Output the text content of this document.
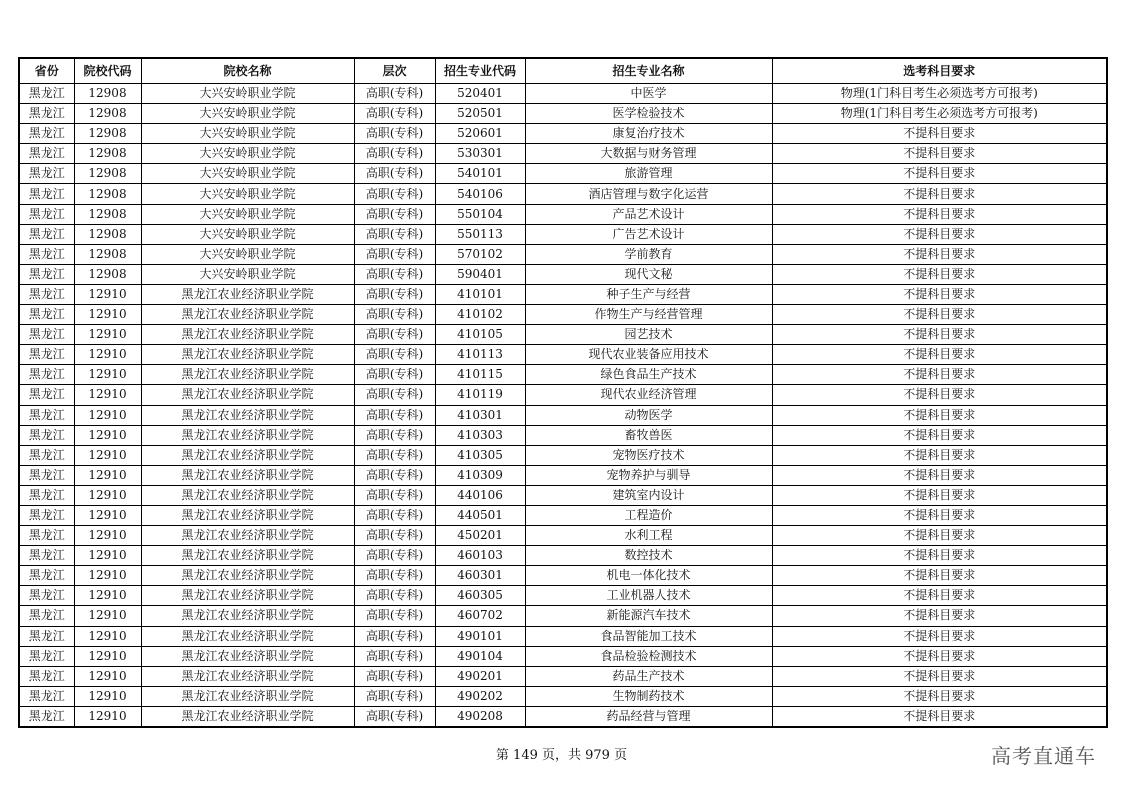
省份	院校代码	院校名称	层次	招生专业代码	招生专业名称	选考科目要求
黑龙江	12908	大兴安岭职业学院	高职(专科)	520401	中医学	物理(1门科目考生必须选考方可报考)
黑龙江	12908	大兴安岭职业学院	高职(专科)	520501	医学检验技术	物理(1门科目考生必须选考方可报考)
黑龙江	12908	大兴安岭职业学院	高职(专科)	520601	康复治疗技术	不提科目要求
黑龙江	12908	大兴安岭职业学院	高职(专科)	530301	大数据与财务管理	不提科目要求
黑龙江	12908	大兴安岭职业学院	高职(专科)	540101	旅游管理	不提科目要求
黑龙江	12908	大兴安岭职业学院	高职(专科)	540106	酒店管理与数字化运营	不提科目要求
黑龙江	12908	大兴安岭职业学院	高职(专科)	550104	产品艺术设计	不提科目要求
黑龙江	12908	大兴安岭职业学院	高职(专科)	550113	广告艺术设计	不提科目要求
黑龙江	12908	大兴安岭职业学院	高职(专科)	570102	学前教育	不提科目要求
黑龙江	12908	大兴安岭职业学院	高职(专科)	590401	现代文秘	不提科目要求
黑龙江	12910	黑龙江农业经济职业学院	高职(专科)	410101	种子生产与经营	不提科目要求
黑龙江	12910	黑龙江农业经济职业学院	高职(专科)	410102	作物生产与经营管理	不提科目要求
黑龙江	12910	黑龙江农业经济职业学院	高职(专科)	410105	园艺技术	不提科目要求
黑龙江	12910	黑龙江农业经济职业学院	高职(专科)	410113	现代农业装备应用技术	不提科目要求
黑龙江	12910	黑龙江农业经济职业学院	高职(专科)	410115	绿色食品生产技术	不提科目要求
黑龙江	12910	黑龙江农业经济职业学院	高职(专科)	410119	现代农业经济管理	不提科目要求
黑龙江	12910	黑龙江农业经济职业学院	高职(专科)	410301	动物医学	不提科目要求
黑龙江	12910	黑龙江农业经济职业学院	高职(专科)	410303	畜牧兽医	不提科目要求
黑龙江	12910	黑龙江农业经济职业学院	高职(专科)	410305	宠物医疗技术	不提科目要求
黑龙江	12910	黑龙江农业经济职业学院	高职(专科)	410309	宠物养护与驯导	不提科目要求
黑龙江	12910	黑龙江农业经济职业学院	高职(专科)	440106	建筑室内设计	不提科目要求
黑龙江	12910	黑龙江农业经济职业学院	高职(专科)	440501	工程造价	不提科目要求
黑龙江	12910	黑龙江农业经济职业学院	高职(专科)	450201	水利工程	不提科目要求
黑龙江	12910	黑龙江农业经济职业学院	高职(专科)	460103	数控技术	不提科目要求
黑龙江	12910	黑龙江农业经济职业学院	高职(专科)	460301	机电一体化技术	不提科目要求
黑龙江	12910	黑龙江农业经济职业学院	高职(专科)	460305	工业机器人技术	不提科目要求
黑龙江	12910	黑龙江农业经济职业学院	高职(专科)	460702	新能源汽车技术	不提科目要求
黑龙江	12910	黑龙江农业经济职业学院	高职(专科)	490101	食品智能加工技术	不提科目要求
黑龙江	12910	黑龙江农业经济职业学院	高职(专科)	490104	食品检验检测技术	不提科目要求
黑龙江	12910	黑龙江农业经济职业学院	高职(专科)	490201	药品生产技术	不提科目要求
黑龙江	12910	黑龙江农业经济职业学院	高职(专科)	490202	生物制药技术	不提科目要求
黑龙江	12910	黑龙江农业经济职业学院	高职(专科)	490208	药品经营与管理	不提科目要求
第 149 页，共 979 页	高考直通车
